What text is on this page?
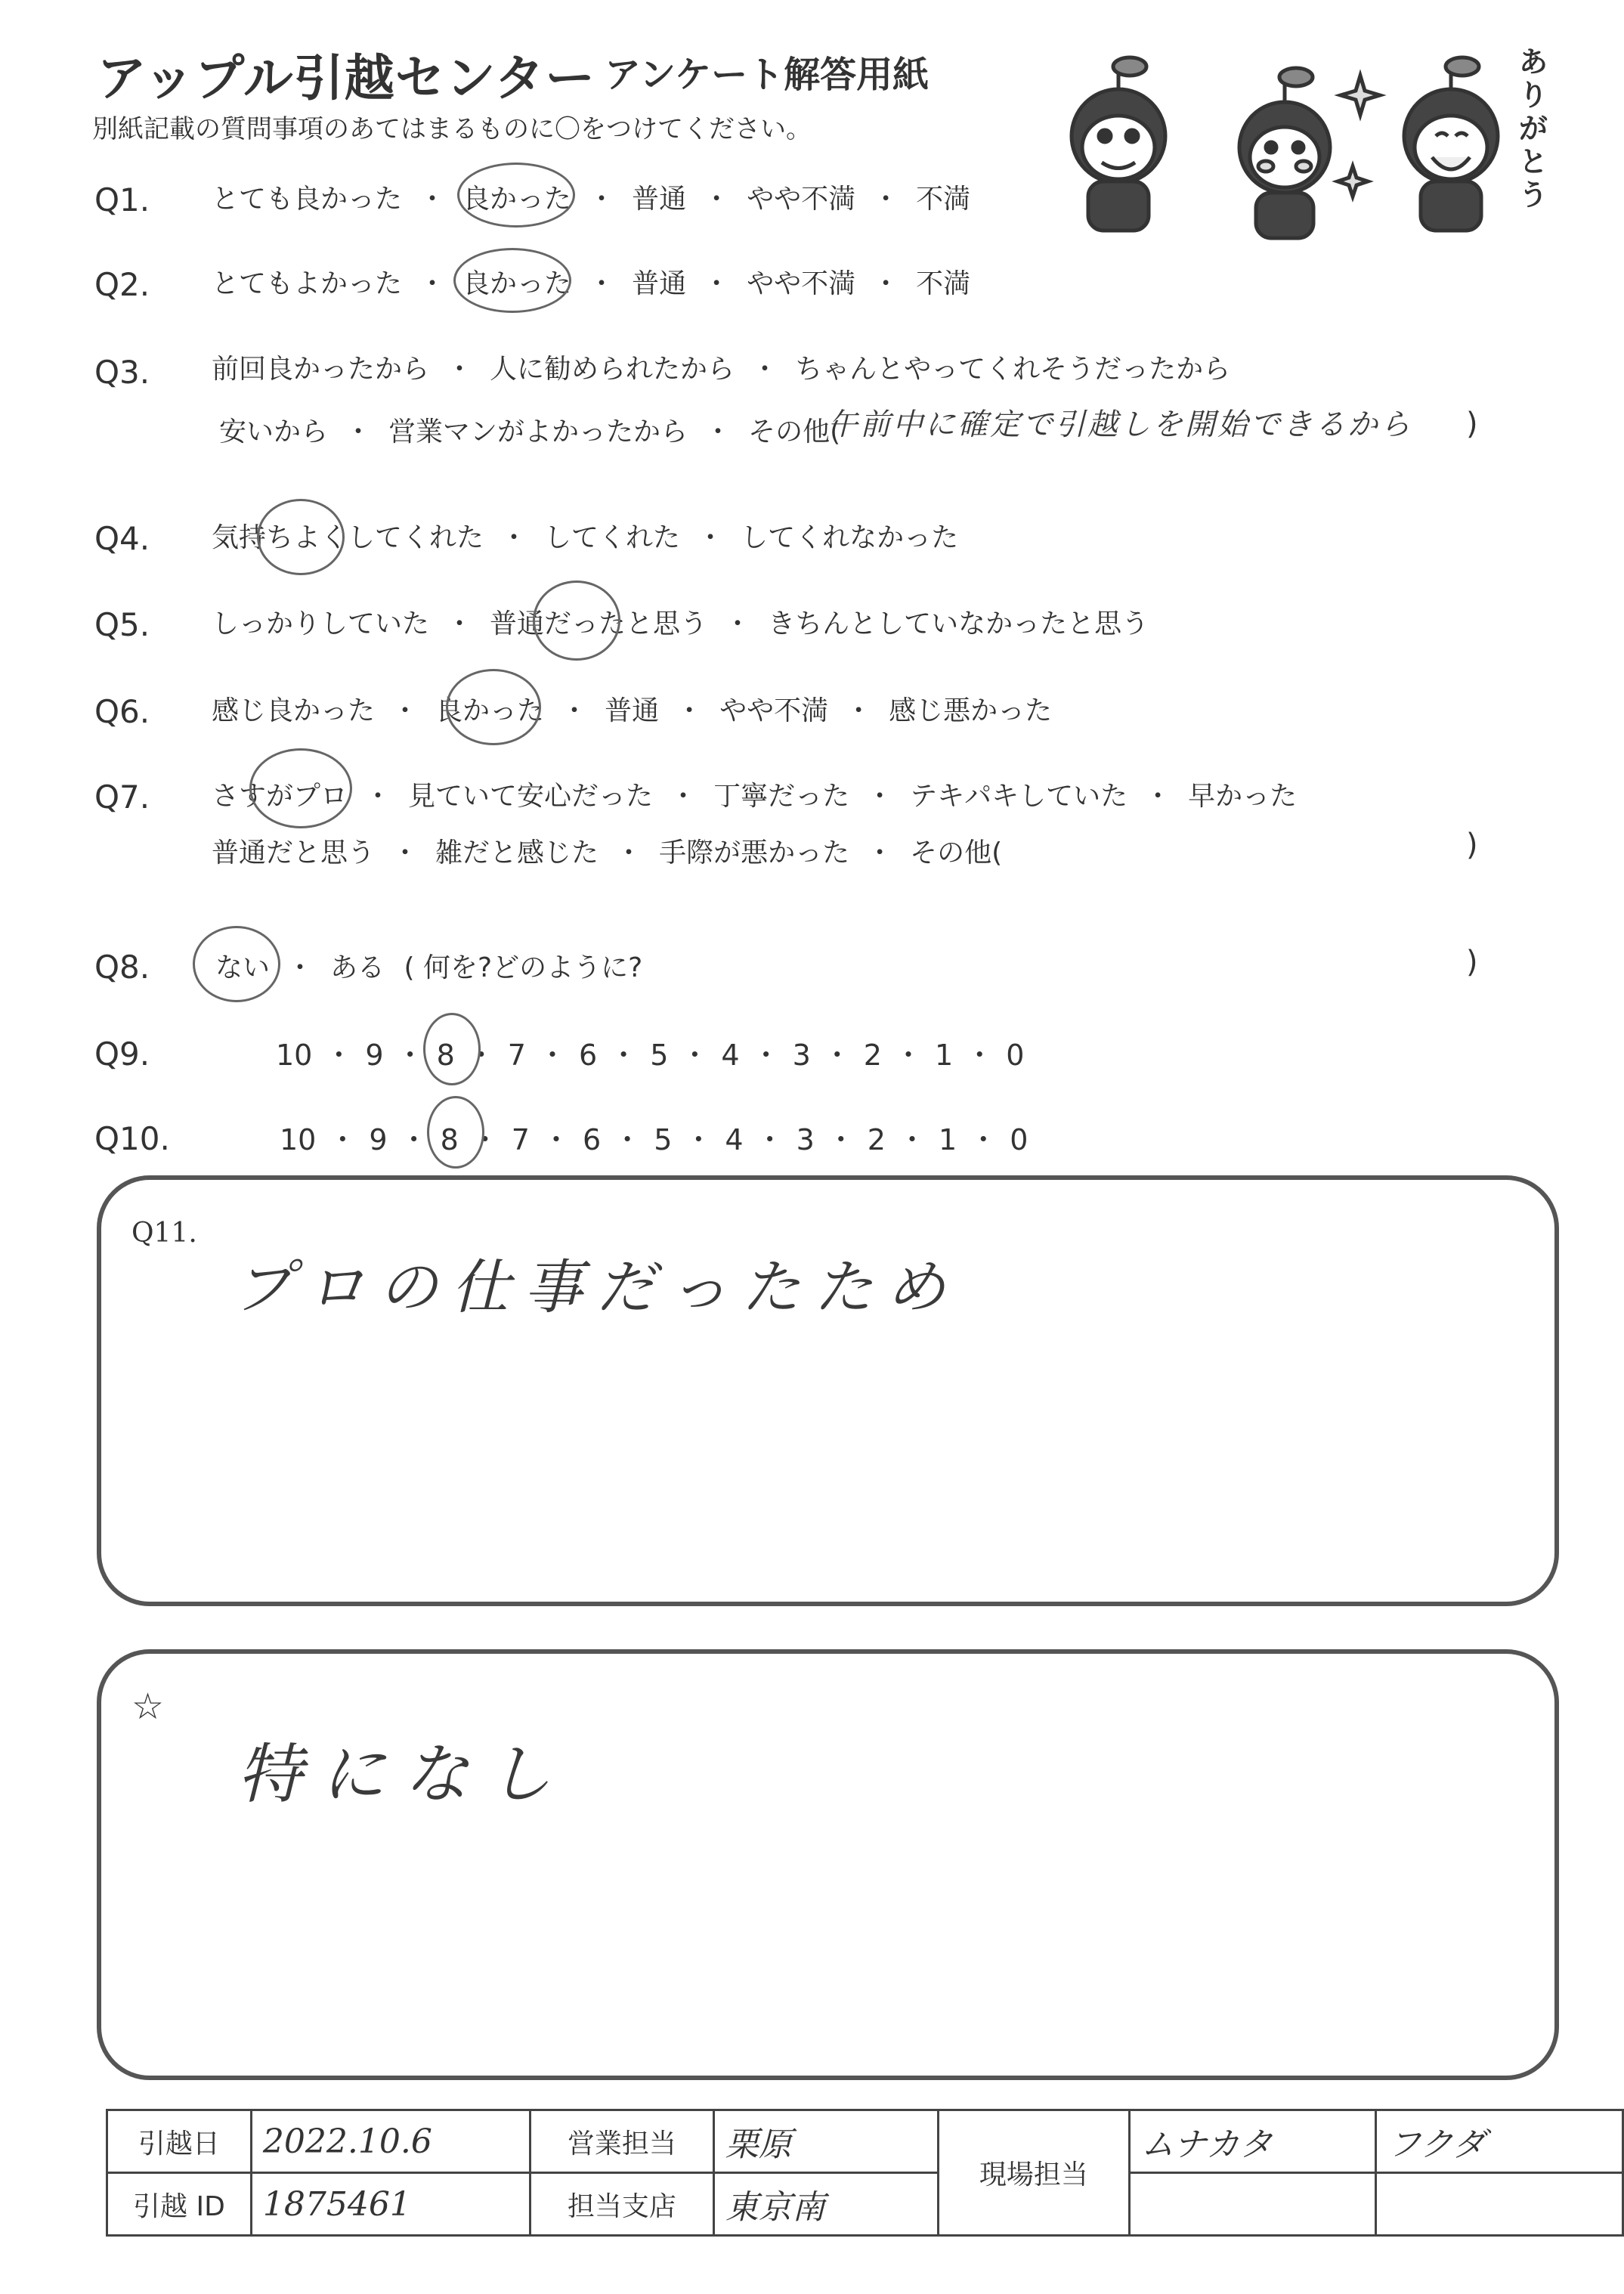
アップル引越センター アンケート解答用紙
別紙記載の質問事項のあてはまるものに〇をつけてください。
ありがとう
Q1. とても良かった ・ 良かった ・ 普通 ・ やや不満 ・ 不満
Q2. とてもよかった ・ 良かった ・ 普通 ・ やや不満 ・ 不満
Q3. 前回良かったから ・ 人に勧められたから ・ ちゃんとやってくれそうだったから
安いから ・ 営業マンがよかったから ・ その他(
午前中に確定で引越しを開始できるから )
Q4. 気持ちよくしてくれた ・ してくれた ・ してくれなかった
Q5. しっかりしていた ・ 普通だったと思う ・ きちんとしていなかったと思う
Q6. 感じ良かった ・ 良かった ・ 普通 ・ やや不満 ・ 感じ悪かった
Q7. さすがプロ ・ 見ていて安心だった ・ 丁寧だった ・ テキパキしていた ・ 早かった
普通だと思う ・ 雑だと感じた ・ 手際が悪かった ・ その他(	)
Q8. ない ・ ある ( 何を?どのように?	)
Q9.	10 ・ 9 ・ 8 ・ 7 ・ 6 ・ 5 ・ 4 ・ 3 ・ 2 ・ 1 ・ 0
Q10.	10 ・ 9 ・ 8 ・ 7 ・ 6 ・ 5 ・ 4 ・ 3 ・ 2 ・ 1 ・ 0
Q11.
プロの仕事だったため
☆
特になし
引越日	2022.10.6	営業担当	栗原	現場担当	ムナカタ	フクダ
引越 ID	1875461	担当支店	東京南			
